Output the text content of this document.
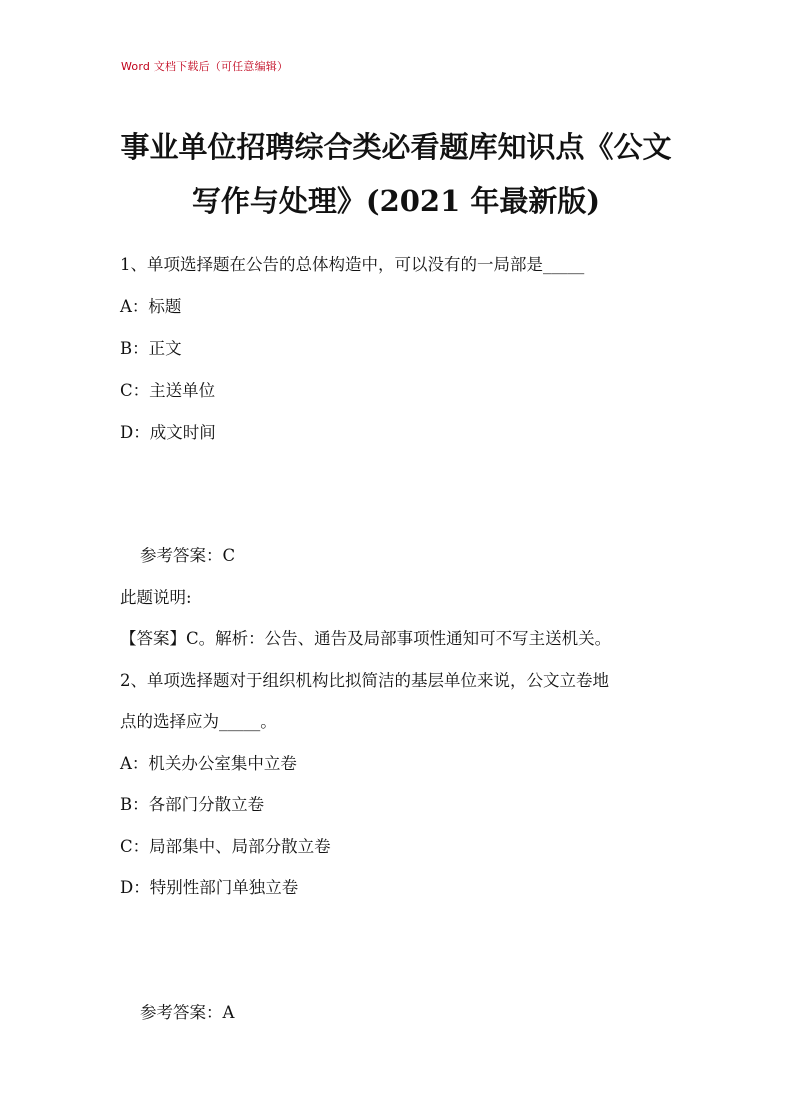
Word 文档下载后（可任意编辑）
事业单位招聘综合类必看题库知识点《公文
写作与处理》(2021 年最新版)
1、单项选择题在公告的总体构造中，可以没有的一局部是_____
A：标题
B：正文
C：主送单位
D：成文时间
参考答案：C
此题说明:
【答案】C。解析：公告、通告及局部事项性通知可不写主送机关。
2、单项选择题对于组织机构比拟简洁的基层单位来说，公文立卷地
点的选择应为_____。
A：机关办公室集中立卷
B：各部门分散立卷
C：局部集中、局部分散立卷
D：特别性部门单独立卷
参考答案：A
